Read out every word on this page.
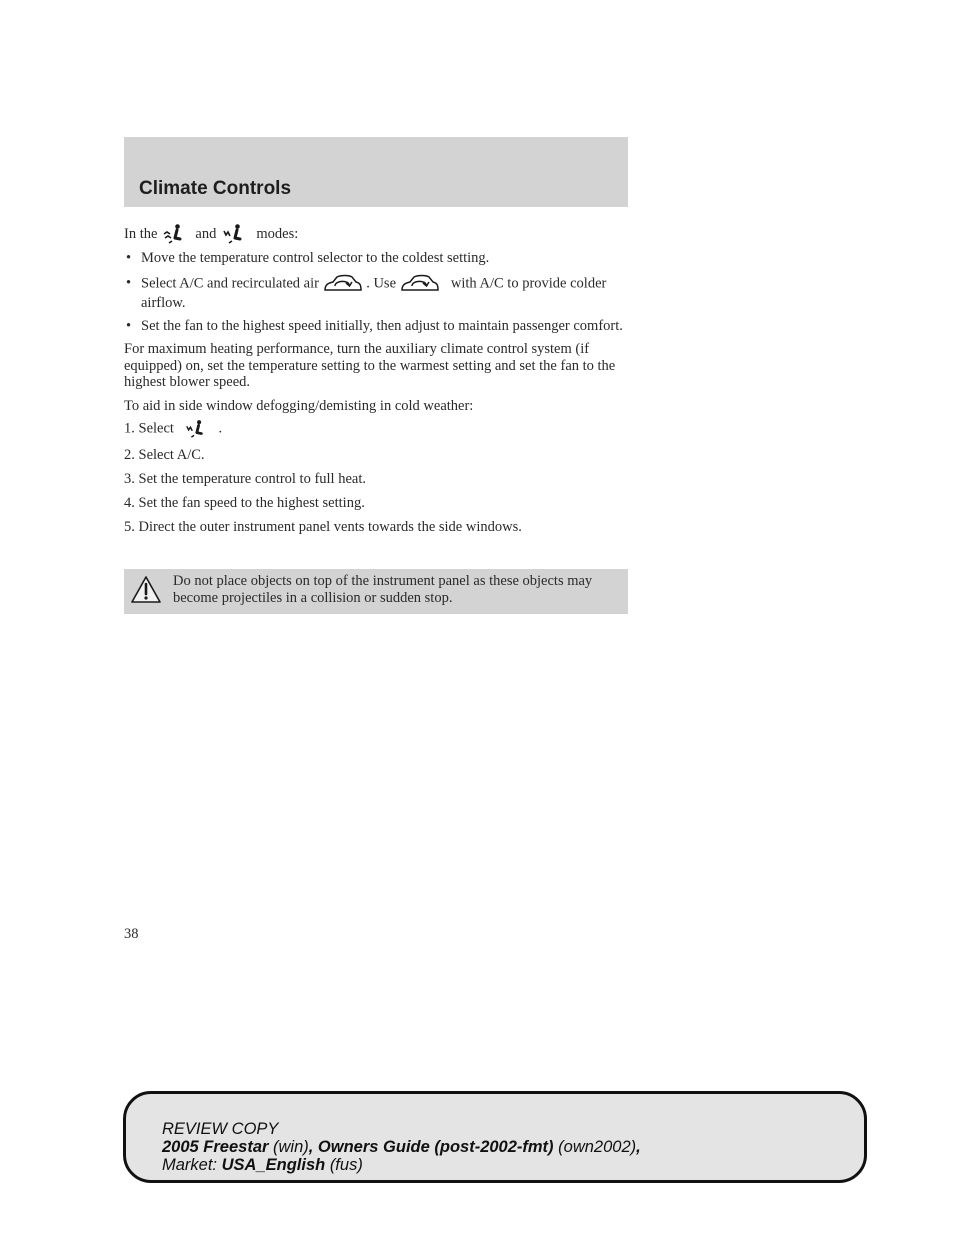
Climate Controls

In the	and	modes:

• Move the temperature control selector to the coldest setting.
• Select A/C and recirculated air	. Use	with A/C to provide colder airflow.
• Set the fan to the highest speed initially, then adjust to maintain passenger comfort.

For maximum heating performance, turn the auxiliary climate control system (if equipped) on, set the temperature setting to the warmest setting and set the fan to the highest blower speed.

To aid in side window defogging/demisting in cold weather:

1. Select	.
2. Select A/C.
3. Set the temperature control to full heat.
4. Set the fan speed to the highest setting.
5. Direct the outer instrument panel vents towards the side windows.
Do not place objects on top of the instrument panel as these objects may become projectiles in a collision or sudden stop.
38
REVIEW COPY
2005 Freestar (win), Owners Guide (post-2002-fmt) (own2002),
Market: USA_English (fus)
